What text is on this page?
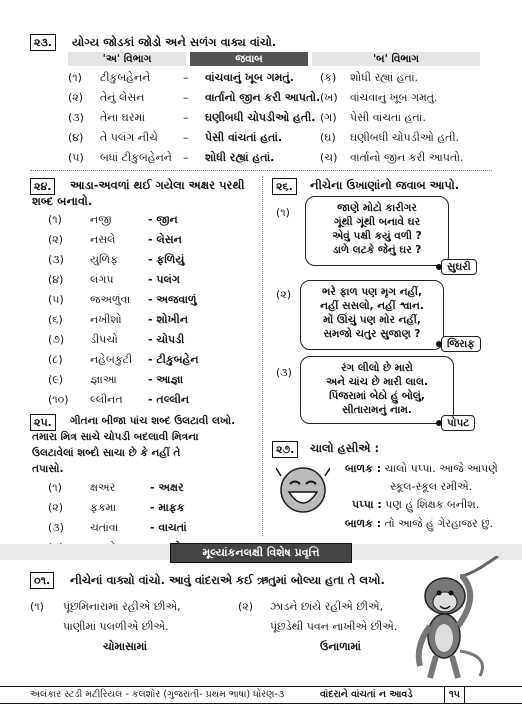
૨૩.	યોગ્ય જોડકાં જોડો અને સળંગ વાક્ય વાંચો.
'અ' વિભાગ	જવાબ	'બ' વિભાગ
(૧) ટીકુબહેનને	– વાંચવાનું ખૂબ ગમતું. (ક) શોધી રહ્યાં હતાં.
(૨) તેનું લેસન	– વાર્તાનો જીન કરી આપતો. (ખ) વાંચવાનું ખૂબ ગમતું.
(૩) તેના ઘરમાં	– ઘણીબધી ચોપડીઓ હતી. (ગ) પેસી વાંચતાં હતાં.
(૪) તે પલંગ નીચે – પેસી વાંચતાં હતાં.	(ઘ) ઘણીબધી ચોપડીઓ હતી.
(૫) બધાં ટીકુબહેનને – શોધી રહ્યાં હતાં.	(ચ) વાર્તાનો જીન કરી આપતો.
૨૪.	આડા-અવળાં થઈ ગયેલા અક્ષર પરથી
શબ્દ બનાવો.
(૧)	નજી	- જીન
(૨) નસલે	- લેસન
(૩) યુળિફ	- ફળિયું
(૪) લંગપ	- પલંગ
(૫) જઅળુંવા - અજવાળું
(૬) નખીશો - શોખીન
(૭) ડીપચો	- ચોપડી
(૮) નહેબકુટી - ટીકુબહેન
(૯) જ્ઞાઆ	- આજ્ઞા
(૧૦) લ્લીનત - તલ્લીન
૨૫.	ગીતના બીજા પાંચ શબ્દ ઉલટાવી લખો.
તમારા મિત્ર સાચે ચોપડી બદલાવી મિત્રના
ઉલટાવેલાં શબ્દો સાચા છે કે નહીં તે
તપાસો.
(૧)	ક્ષઅર	- અક્ષર
(૨) ફકમા	- માફક
(૩) ચતાંવા	- વાચતાં
૨૬.	નીચેના ઉખાણાંનો જવાબ આપો.
(૧)	જાણે મોટો કારીગર
ગૂંથી ગૂંથી બનાવે ઘર
એવું પક્ષી કયું વળી ?
ડાળે લટકે જેનું ઘર ?
સુઘરી
(૨)	ભરે ફાળ પણ મૃગ નહીં,
નહીં સસલો, નહીં શ્વાન.
મોં ઊંચું પણ મોર નહીં,
સમજો ચતુર સુજાણ ?
જિરાફ
(૩)	રંગ લીલો છે મારો
અને ચાંચ છે મારી લાલ.
પિંજરામાં બેઠો હું બોલું,
સીતારામનું નામ.
પોપટ
૨૭.	ચાલો હસીએ :
બાળક : ચાલો પપ્પા. આજે આપણે
સ્કૂલ-સ્કૂલ રમીએ.
પપ્પા : પણ હું શિક્ષક બનીશ.
બાળક : તો આજે હું ગેરહાજર છું.
મૂલ્યાંકનલક્ષી વિશેષ પ્રવૃત્તિ
૦૧.	નીચેનાં વાક્યો વાંચો. આવું વાંદરાએ કઈ ઋતુમાં બોલ્યા હતા તે લખો.
(૧) પૂંછમિનારામાં રહીએ છીએ,
પાણીમાં પલળીએ છીએ.
ચોમાસામાં
(૨) ઝાડને છાંયે રહીએ છીએ,
પૂંછડેથી પવન નાખીએ છીએ.
ઉનાળામાં
અલંકાર સ્ટડી મટીરિયલ - કલશોર (ગુજરાતી- પ્રથમ ભાષા) ધોરણ-૩	વાંદરાને વાંચતાં ન આવડે	૧૫
